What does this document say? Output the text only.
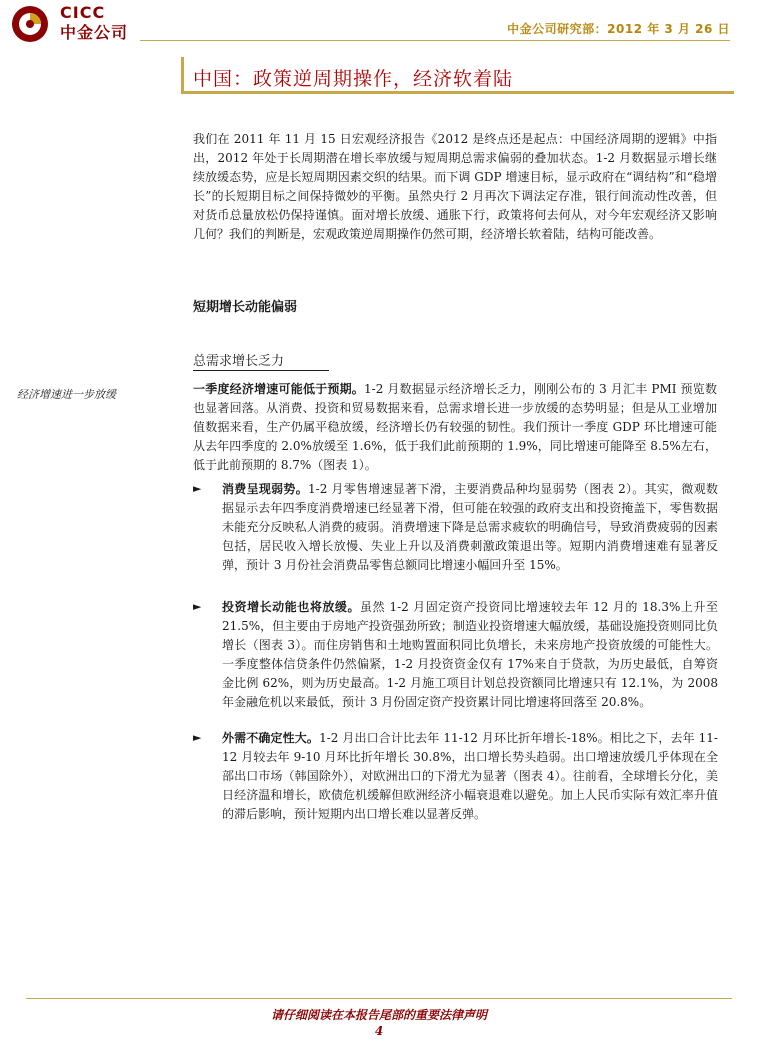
CICC
中金公司	中金公司研究部：2012 年 3 月 26 日
中国：政策逆周期操作，经济软着陆

我们在 2011 年 11 月 15 日宏观经济报告《2012 是终点还是起点：中国经济周期的逻辑》中指出，2012 年处于长周期潜在增长率放缓与短周期总需求偏弱的叠加状态。1-2 月数据显示增长继续放缓态势，应是长短周期因素交织的结果。而下调 GDP 增速目标，显示政府在“调结构”和“稳增长”的长短期目标之间保持微妙的平衡。虽然央行 2 月再次下调法定存准，银行间流动性改善，但对货币总量放松仍保持谨慎。面对增长放缓、通胀下行，政策将何去何从，对今年宏观经济又影响几何？我们的判断是，宏观政策逆周期操作仍然可期，经济增长软着陆，结构可能改善。

短期增长动能偏弱
总需求增长乏力
经济增速进一步放缓	一季度经济增速可能低于预期。1-2 月数据显示经济增长乏力，刚刚公布的 3 月汇丰 PMI 预览数也显著回落。从消费、投资和贸易数据来看，总需求增长进一步放缓的态势明显；但是从工业增加值数据来看，生产仍属平稳放缓，经济增长仍有较强的韧性。我们预计一季度 GDP 环比增速可能从去年四季度的 2.0%放缓至 1.6%，低于我们此前预期的 1.9%，同比增速可能降至 8.5%左右，低于此前预期的 8.7%（图表 1）。

► 消费呈现弱势。1-2 月零售增速显著下滑，主要消费品种均显弱势（图表 2）。其实，微观数据显示去年四季度消费增速已经显著下滑，但可能在较强的政府支出和投资掩盖下，零售数据未能充分反映私人消费的疲弱。消费增速下降是总需求疲软的明确信号，导致消费疲弱的因素包括，居民收入增长放慢、失业上升以及消费刺激政策退出等。短期内消费增速难有显著反弹，预计 3 月份社会消费品零售总额同比增速小幅回升至 15%。

► 投资增长动能也将放缓。虽然 1-2 月固定资产投资同比增速较去年 12 月的 18.3%上升至 21.5%，但主要由于房地产投资强劲所致；制造业投资增速大幅放缓，基础设施投资则同比负增长（图表 3）。而住房销售和土地购置面积同比负增长，未来房地产投资放缓的可能性大。一季度整体信贷条件仍然偏紧，1-2 月投资资金仅有 17%来自于贷款，为历史最低，自筹资金比例 62%，则为历史最高。1-2 月施工项目计划总投资额同比增速只有 12.1%，为 2008 年金融危机以来最低，预计 3 月份固定资产投资累计同比增速将回落至 20.8%。

► 外需不确定性大。1-2 月出口合计比去年 11-12 月环比折年增长-18%。相比之下，去年 11-12 月较去年 9-10 月环比折年增长 30.8%，出口增长势头趋弱。出口增速放缓几乎体现在全部出口市场（韩国除外），对欧洲出口的下滑尤为显著（图表 4）。往前看，全球增长分化，美日经济温和增长，欧债危机缓解但欧洲经济小幅衰退难以避免。加上人民币实际有效汇率升值的滞后影响，预计短期内出口增长难以显著反弹。

请仔细阅读在本报告尾部的重要法律声明
4
